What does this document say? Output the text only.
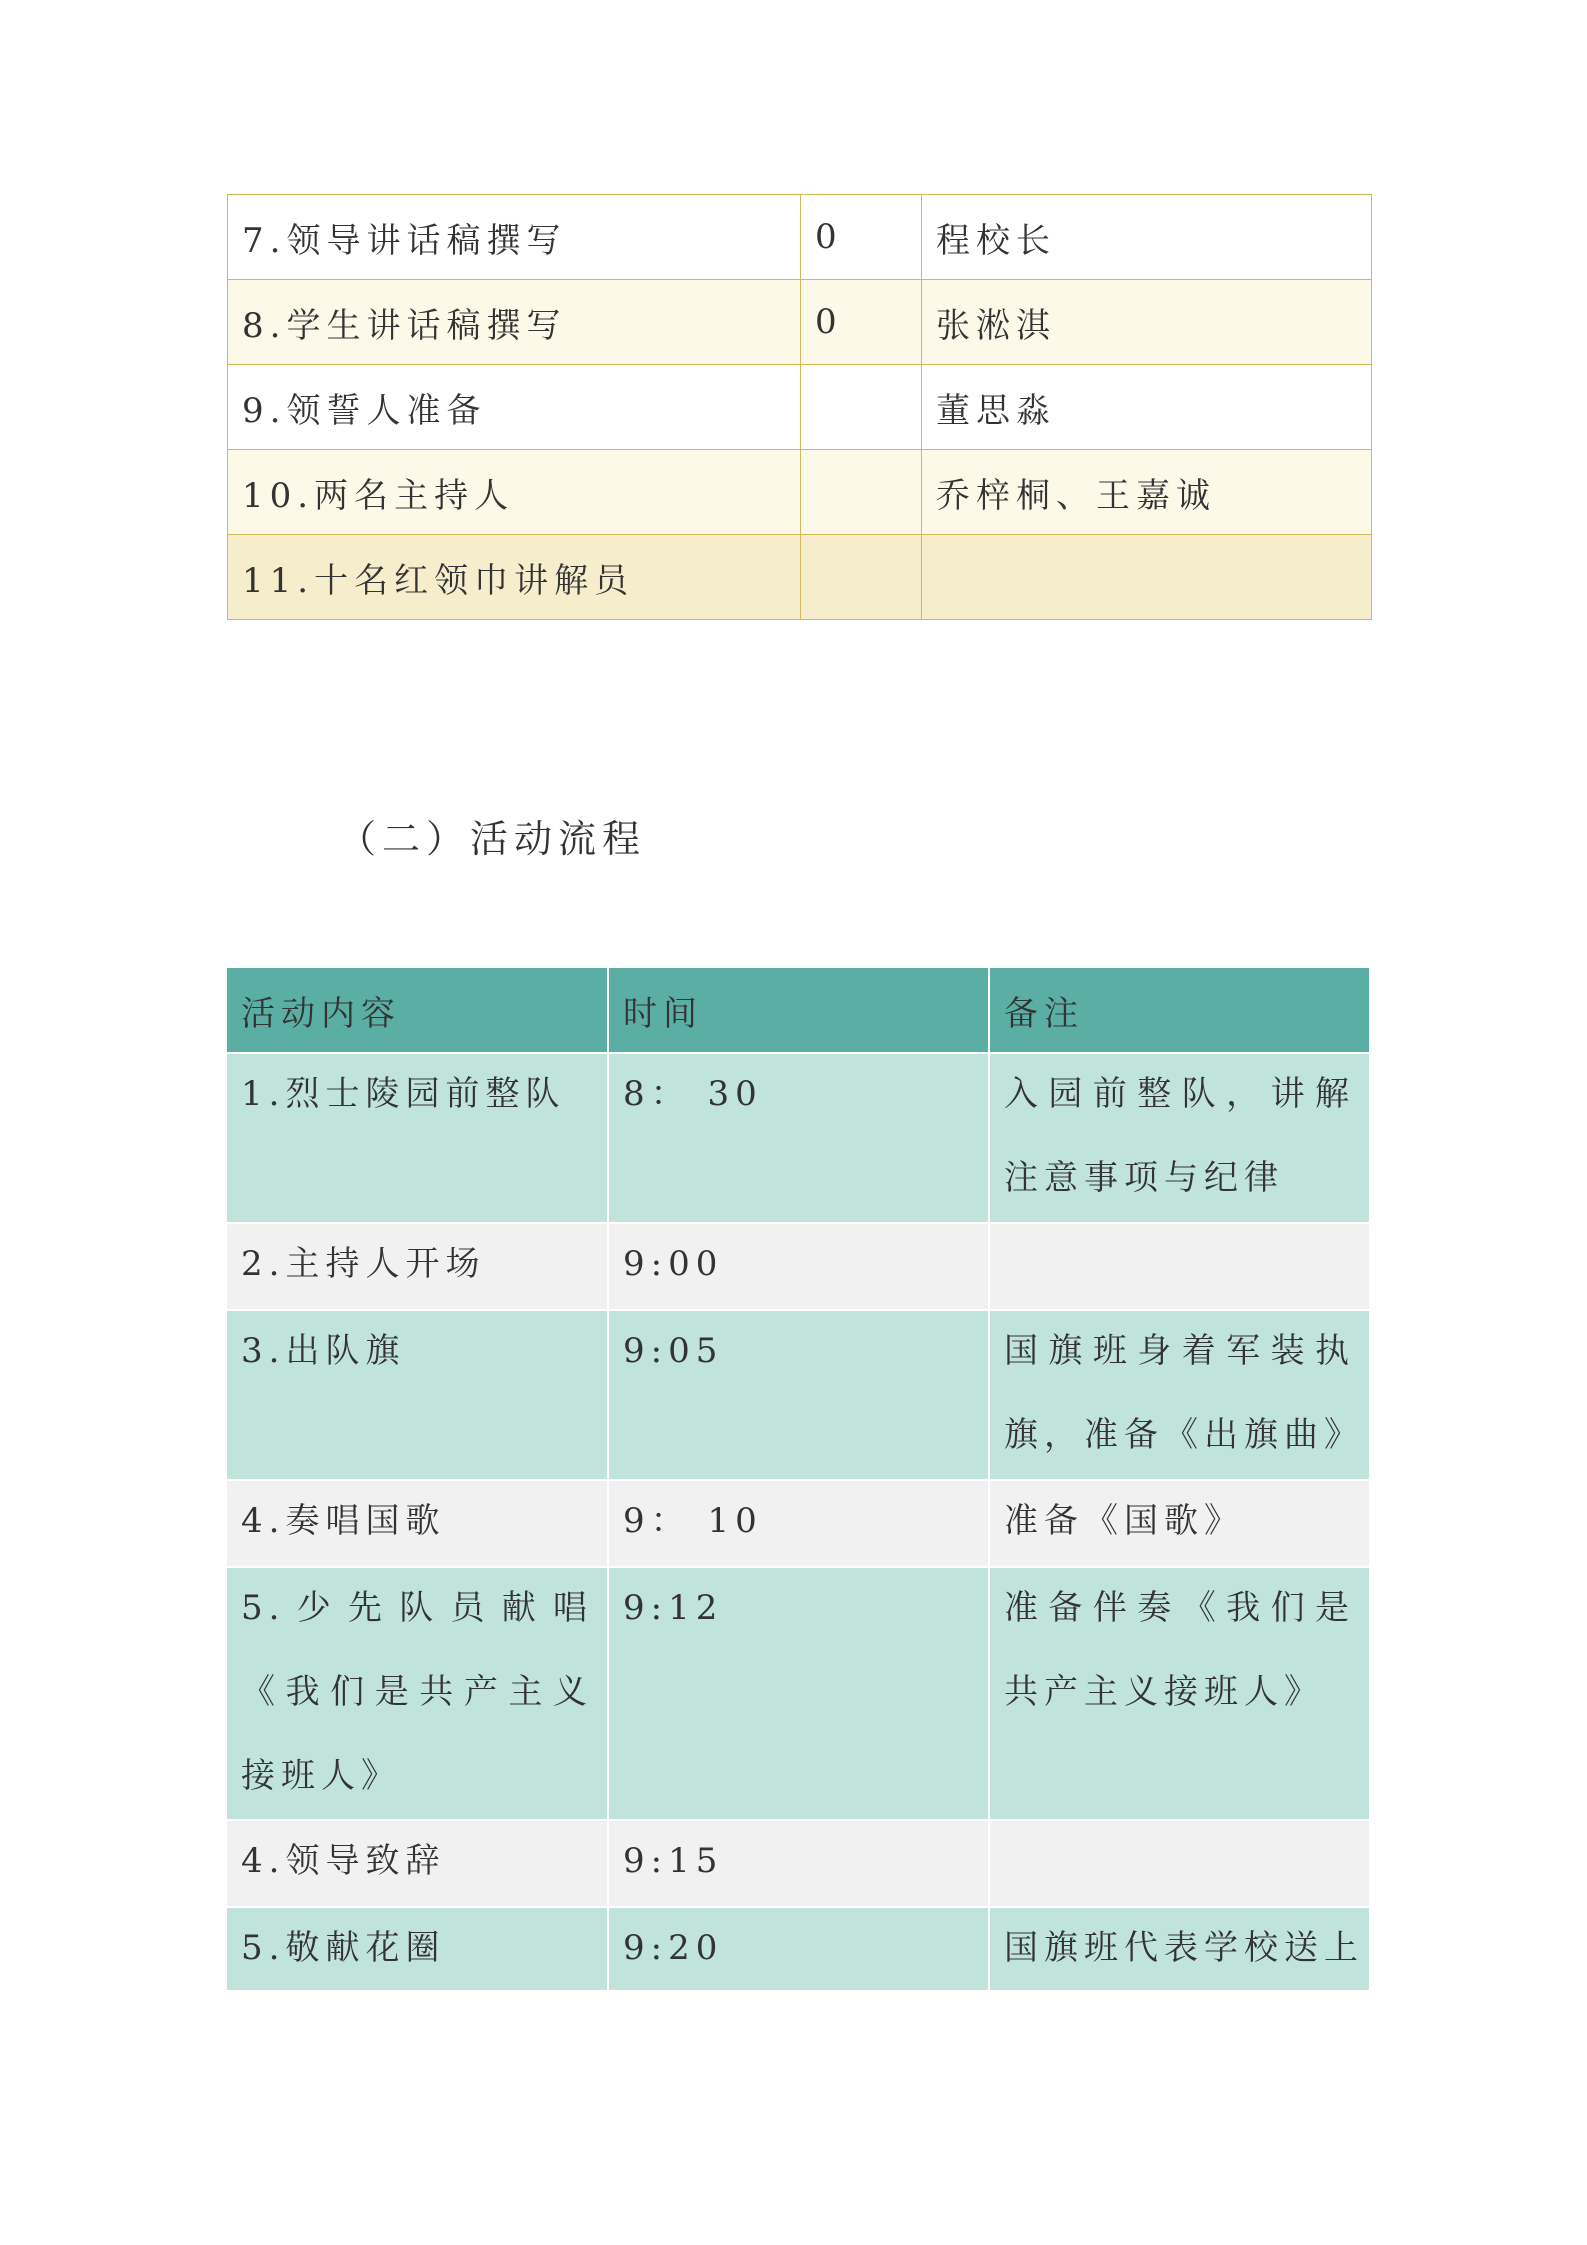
7.领导讲话稿撰写	0	程校长
8.学生讲话稿撰写	0	张淞淇
9.领誓人准备		董思淼
10.两名主持人		乔梓桐、王嘉诚
11.十名红领巾讲解员		
（二）活动流程
活动内容	时间	备注

1.烈士陵园前整队	8： 30	入园前整队，讲解注意事项与纪律

2.主持人开场	9:00	

3.出队旗	9:05	国旗班身着军装执旗，准备《出旗曲》

4.奏唱国歌	9： 10	准备《国歌》

5.少先队员献唱《我们是共产主义接班人》	9:12	准备伴奏《我们是共产主义接班人》

4.领导致辞	9:15	

5.敬献花圈	9:20	国旗班代表学校送上
